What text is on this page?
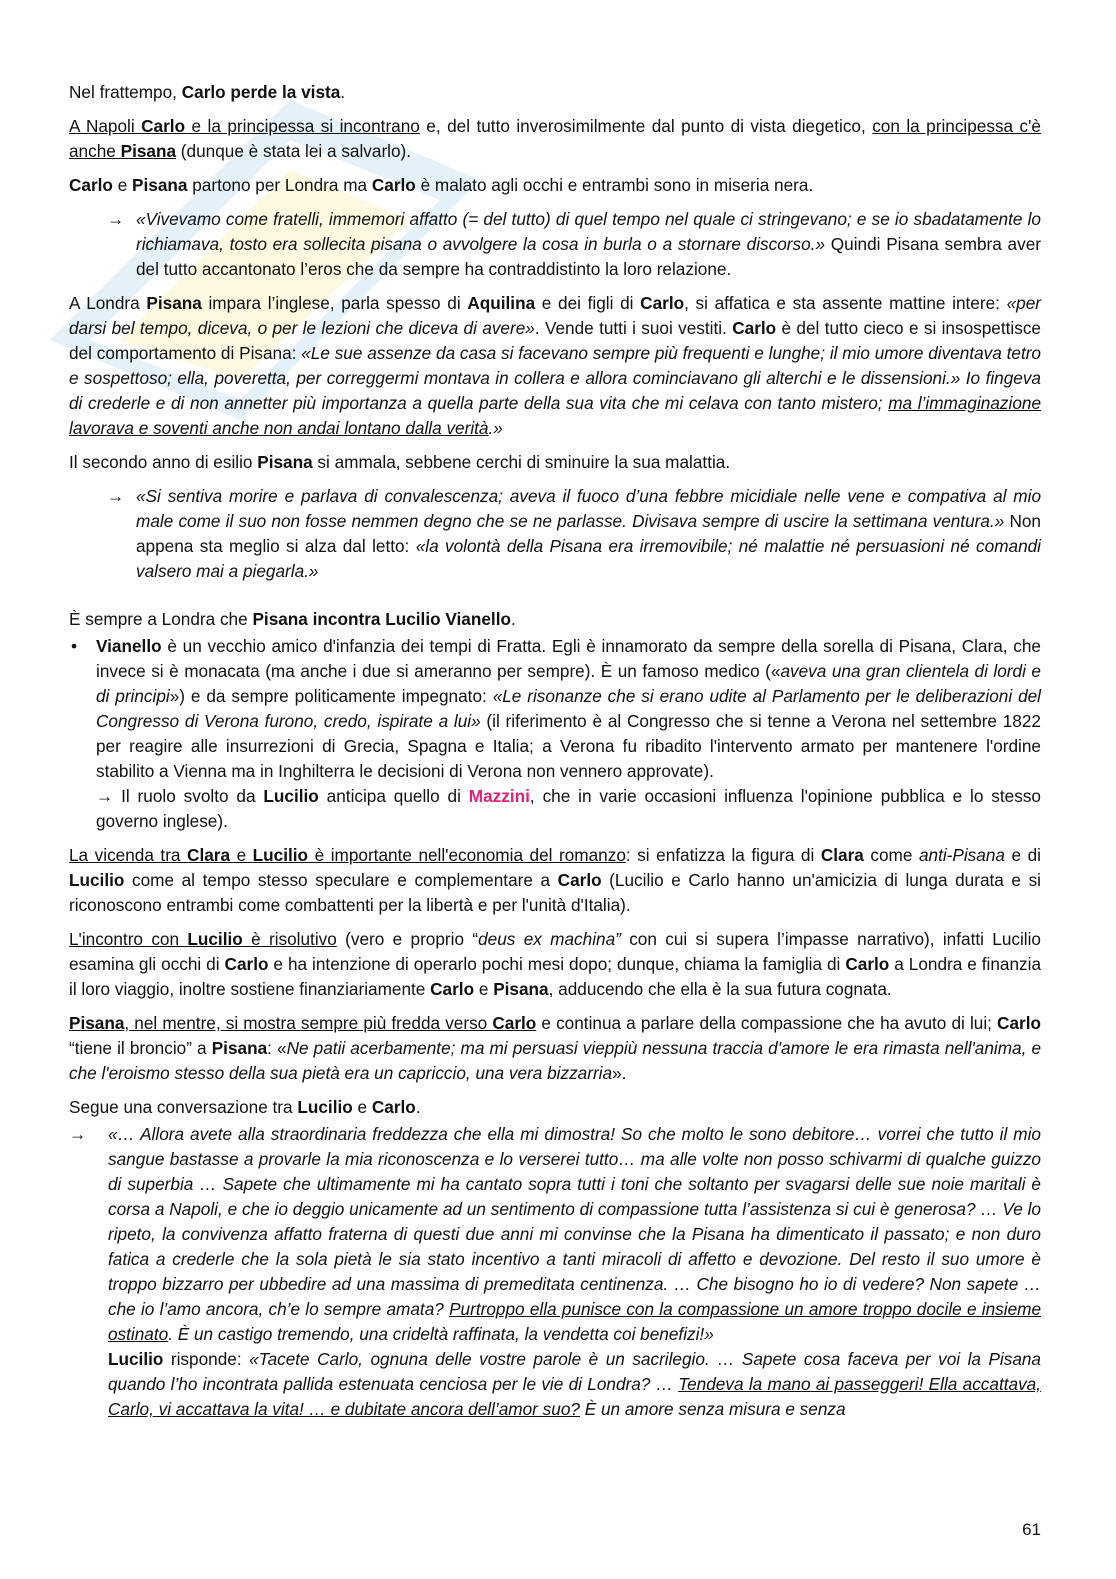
Nel frattempo, Carlo perde la vista.

A Napoli Carlo e la principessa si incontrano e, del tutto inverosimilmente dal punto di vista diegetico, con la principessa c'è anche Pisana (dunque è stata lei a salvarlo).

Carlo e Pisana partono per Londra ma Carlo è malato agli occhi e entrambi sono in miseria nera.

→ «Vivevamo come fratelli, immemori affatto (= del tutto) di quel tempo nel quale ci stringevano; e se io sbadatamente lo richiamava, tosto era sollecita pisana o avvolgere la cosa in burla o a stornare discorso.» Quindi Pisana sembra aver del tutto accantonato l’eros che da sempre ha contraddistinto la loro relazione.

A Londra Pisana impara l’inglese, parla spesso di Aquilina e dei figli di Carlo, si affatica e sta assente mattine intere: «per darsi bel tempo, diceva, o per le lezioni che diceva di avere». Vende tutti i suoi vestiti. Carlo è del tutto cieco e si insospettisce del comportamento di Pisana: «Le sue assenze da casa si facevano sempre più frequenti e lunghe; il mio umore diventava tetro e sospettoso; ella, poveretta, per correggermi montava in collera e allora cominciavano gli alterchi e le dissensioni.» Io fingeva di crederle e di non annetter più importanza a quella parte della sua vita che mi celava con tanto mistero; ma l’immaginazione lavorava e soventi anche non andai lontano dalla verità.»

Il secondo anno di esilio Pisana si ammala, sebbene cerchi di sminuire la sua malattia.

→ «Si sentiva morire e parlava di convalescenza; aveva il fuoco d’una febbre micidiale nelle vene e compativa al mio male come il suo non fosse nemmen degno che se ne parlasse. Divisava sempre di uscire la settimana ventura.» Non appena sta meglio si alza dal letto: «la volontà della Pisana era irremovibile; né malattie né persuasioni né comandi valsero mai a piegarla.»

È sempre a Londra che Pisana incontra Lucilio Vianello.

•	Vianello è un vecchio amico d'infanzia dei tempi di Fratta. Egli è innamorato da sempre della sorella di Pisana, Clara, che invece si è monacata (ma anche i due si ameranno per sempre). È un famoso medico («aveva una gran clientela di lordi e di principi») e da sempre politicamente impegnato: «Le risonanze che si erano udite al Parlamento per le deliberazioni del Congresso di Verona furono, credo, ispirate a lui» (il riferimento è al Congresso che si tenne a Verona nel settembre 1822 per reagire alle insurrezioni di Grecia, Spagna e Italia; a Verona fu ribadito l'intervento armato per mantenere l'ordine stabilito a Vienna ma in Inghilterra le decisioni di Verona non vennero approvate).
→ Il ruolo svolto da Lucilio anticipa quello di Mazzini, che in varie occasioni influenza l'opinione pubblica e lo stesso governo inglese).

La vicenda tra Clara e Lucilio è importante nell'economia del romanzo: si enfatizza la figura di Clara come anti-Pisana e di Lucilio come al tempo stesso speculare e complementare a Carlo (Lucilio e Carlo hanno un'amicizia di lunga durata e si riconoscono entrambi come combattenti per la libertà e per l'unità d'Italia).

L'incontro con Lucilio è risolutivo (vero e proprio “deus ex machina” con cui si supera l’impasse narrativo), infatti Lucilio esamina gli occhi di Carlo e ha intenzione di operarlo pochi mesi dopo; dunque, chiama la famiglia di Carlo a Londra e finanzia il loro viaggio, inoltre sostiene finanziariamente Carlo e Pisana, adducendo che ella è la sua futura cognata.

Pisana, nel mentre, si mostra sempre più fredda verso Carlo e continua a parlare della compassione che ha avuto di lui; Carlo “tiene il broncio” a Pisana: «Ne patii acerbamente; ma mi persuasi vieppiù nessuna traccia d'amore le era rimasta nell'anima, e che l'eroismo stesso della sua pietà era un capriccio, una vera bizzarria».

Segue una conversazione tra Lucilio e Carlo.

→	«… Allora avete alla straordinaria freddezza che ella mi dimostra! So che molto le sono debitore… vorrei che tutto il mio sangue bastasse a provarle la mia riconoscenza e lo verserei tutto… ma alle volte non posso schivarmi di qualche guizzo di superbia … Sapete che ultimamente mi ha cantato sopra tutti i toni che soltanto per svagarsi delle sue noie maritali è corsa a Napoli, e che io deggio unicamente ad un sentimento di compassione tutta l’assistenza si cui è generosa? … Ve lo ripeto, la convivenza affatto fraterna di questi due anni mi convinse che la Pisana ha dimenticato il passato; e non duro fatica a crederle che la sola pietà le sia stato incentivo a tanti miracoli di affetto e devozione. Del resto il suo umore è troppo bizzarro per ubbedire ad una massima di premeditata centinenza. … Che bisogno ho io di vedere? Non sapete … che io l’amo ancora, ch’e lo sempre amata? Purtroppo ella punisce con la compassione un amore troppo docile e insieme ostinato. È un castigo tremendo, una crideltà raffinata, la vendetta coi benefizi!»
Lucilio risponde: «Tacete Carlo, ognuna delle vostre parole è un sacrilegio. … Sapete cosa faceva per voi la Pisana quando l’ho incontrata pallida estenuata cenciosa per le vie di Londra? … Tendeva la mano ai passeggeri! Ella accattava, Carlo, vi accattava la vita! … e dubitate ancora dell’amor suo? È un amore senza misura e senza
61
